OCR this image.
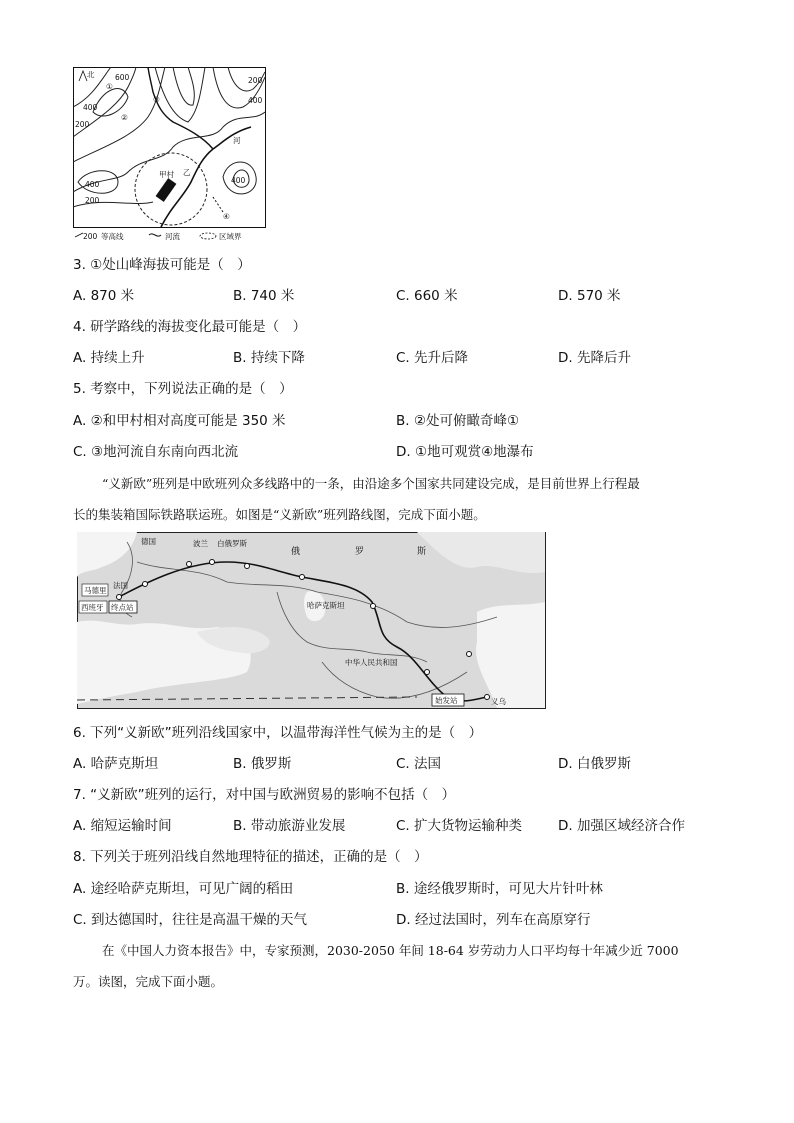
北	600
400
200
200
400
400	400
200
①
②
③
④
甲村 乙
河
200 等高线	河流	区域界
3. ①处山峰海拔可能是（　）
A. 870 米	B. 740 米	C. 660 米	D. 570 米
4. 研学路线的海拔变化最可能是（　）
A. 持续上升	B. 持续下降	C. 先升后降	D. 先降后升
5. 考察中，下列说法正确的是（　）
A. ②和甲村相对高度可能是 350 米	B. ②处可俯瞰奇峰①
C. ③地河流自东南向西北流	D. ①地可观赏④地瀑布
“义新欧”班列是中欧班列众多线路中的一条，由沿途多个国家共同建设完成，是目前世界上行程最
长的集装箱国际铁路联运班。如图是“义新欧”班列路线图，完成下面小题。
德国	波兰 白俄罗斯
俄	罗	斯
马德里
法国
西班牙 终点站	哈萨克斯坦
中华人民共和国
始发站	义乌
6. 下列“义新欧”班列沿线国家中，以温带海洋性气候为主的是（　）
A. 哈萨克斯坦	B. 俄罗斯	C. 法国	D. 白俄罗斯
7. “义新欧”班列的运行，对中国与欧洲贸易的影响不包括（　）
A. 缩短运输时间	B. 带动旅游业发展	C. 扩大货物运输种类	D. 加强区域经济合作
8. 下列关于班列沿线自然地理特征的描述，正确的是（　）
A. 途经哈萨克斯坦，可见广阔的稻田	B. 途经俄罗斯时，可见大片针叶林
C. 到达德国时，往往是高温干燥的天气	D. 经过法国时，列车在高原穿行
在《中国人力资本报告》中，专家预测，2030-2050 年间 18-64 岁劳动力人口平均每十年减少近 7000
万。读图，完成下面小题。
